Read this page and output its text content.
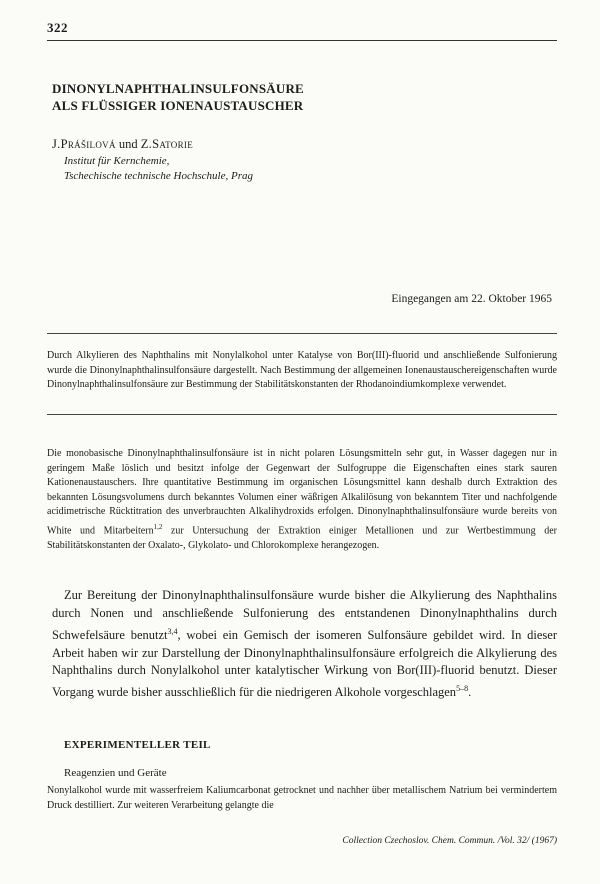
322
DINONYLNAPHTHALINSULFONSÄURE
ALS FLÜSSIGER IONENAUSTAUSCHER
J.Prášilová und Z.Satorie
Institut für Kernchemie,
Tschechische technische Hochschule, Prag
Eingegangen am 22. Oktober 1965

Durch Alkylieren des Naphthalins mit Nonylalkohol unter Katalyse von Bor(III)-fluorid und anschließende Sulfonierung wurde die Dinonylnaphthalinsulfonsäure dargestellt. Nach Bestimmung der allgemeinen Ionenaustauschereigenschaften wurde Dinonylnaphthalinsulfonsäure zur Bestimmung der Stabilitätskonstanten der Rhodanoindiumkomplexe verwendet.

Die monobasische Dinonylnaphthalinsulfonsäure ist in nicht polaren Lösungsmitteln sehr gut, in Wasser dagegen nur in geringem Maße löslich und besitzt infolge der Gegenwart der Sulfogruppe die Eigenschaften eines stark sauren Kationenaustauschers. Ihre quantitative Bestimmung im organischen Lösungsmittel kann deshalb durch Extraktion des bekannten Lösungsvolumens durch bekanntes Volumen einer wäßrigen Alkalilösung von bekanntem Titer und nachfolgende acidimetrische Rücktitration des unverbrauchten Alkalihydroxids erfolgen. Dinonylnaphthalinsulfonsäure wurde bereits von White und Mitarbeitern$^{1,2}$ zur Untersuchung der Extraktion einiger Metallionen und zur Wertbestimmung der Stabilitätskonstanten der Oxalato-, Glykolato- und Chlorokomplexe herangezogen.

Zur Bereitung der Dinonylnaphthalinsulfonsäure wurde bisher die Alkylierung des Naphthalins durch Nonen und anschließende Sulfonierung des entstandenen Dinonylnaphthalins durch Schwefelsäure benutzt$^{3,4}$, wobei ein Gemisch der isomeren Sulfonsäure gebildet wird. In dieser Arbeit haben wir zur Darstellung der Dinonylnaphthalinsulfonsäure erfolgreich die Alkylierung des Naphthalins durch Nonylalkohol unter katalytischer Wirkung von Bor(III)-fluorid benutzt. Dieser Vorgang wurde bisher ausschließlich für die niedrigeren Alkohole vorgeschlagen$^{5-8}$.

EXPERIMENTELLER TEIL
Reagenzien und Geräte

Nonylalkohol wurde mit wasserfreiem Kaliumcarbonat getrocknet und nachher über metallischem Natrium bei vermindertem Druck destilliert. Zur weiteren Verarbeitung gelangte die

Collection Czechoslov. Chem. Commun. /Vol. 32/ (1967)
